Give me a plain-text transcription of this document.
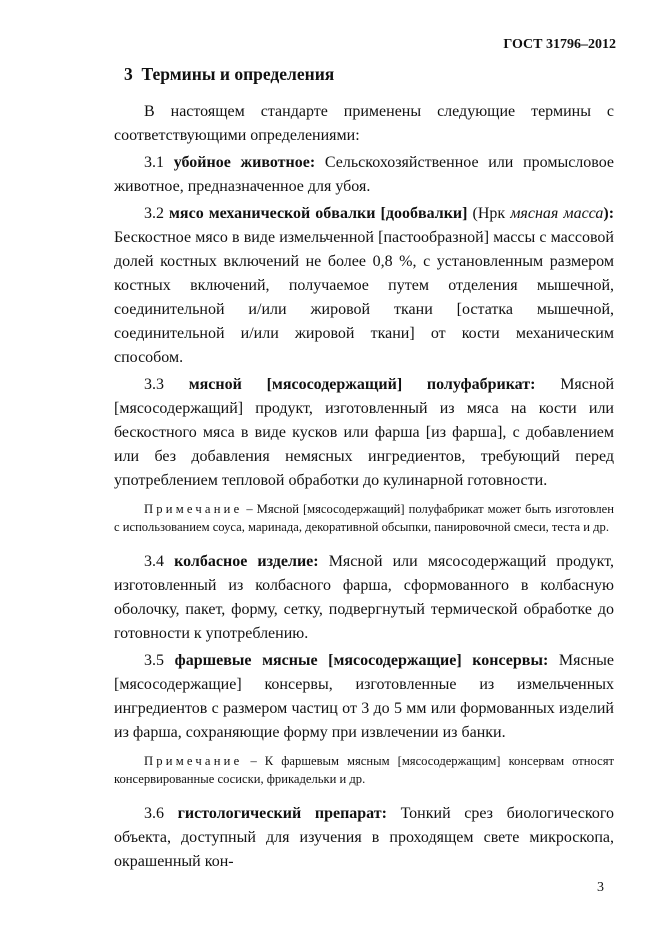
ГОСТ 31796–2012
3 Термины и определения

В настоящем стандарте применены следующие термины с соответствующими определениями:

3.1 убойное животное: Сельскохозяйственное или промысловое животное, предназначенное для убоя.

3.2 мясо механической обвалки [дообвалки] (Нрк мясная масса): Бескостное мясо в виде измельченной [пастообразной] массы с массовой долей костных включений не более 0,8 %, с установленным размером костных включений, получаемое путем отделения мышечной, соединительной и/или жировой ткани [остатка мышечной, соединительной и/или жировой ткани] от кости механическим способом.

3.3 мясной [мясосодержащий] полуфабрикат: Мясной [мясосодержащий] продукт, изготовленный из мяса на кости или бескостного мяса в виде кусков или фарша [из фарша], с добавлением или без добавления немясных ингредиентов, требующий перед употреблением тепловой обработки до кулинарной готовности.

Примечание – Мясной [мясосодержащий] полуфабрикат может быть изготовлен с использованием соуса, маринада, декоративной обсыпки, панировочной смеси, теста и др.

3.4 колбасное изделие: Мясной или мясосодержащий продукт, изготовленный из колбасного фарша, сформованного в колбасную оболочку, пакет, форму, сетку, подвергнутый термической обработке до готовности к употреблению.

3.5 фаршевые мясные [мясосодержащие] консервы: Мясные [мясосодержащие] консервы, изготовленные из измельченных ингредиентов с размером частиц от 3 до 5 мм или формованных изделий из фарша, сохраняющие форму при извлечении из банки.

Примечание – К фаршевым мясным [мясосодержащим] консервам относят консервированные сосиски, фрикадельки и др.

3.6 гистологический препарат: Тонкий срез биологического объекта, доступный для изучения в проходящем свете микроскопа, окрашенный кон-

3
